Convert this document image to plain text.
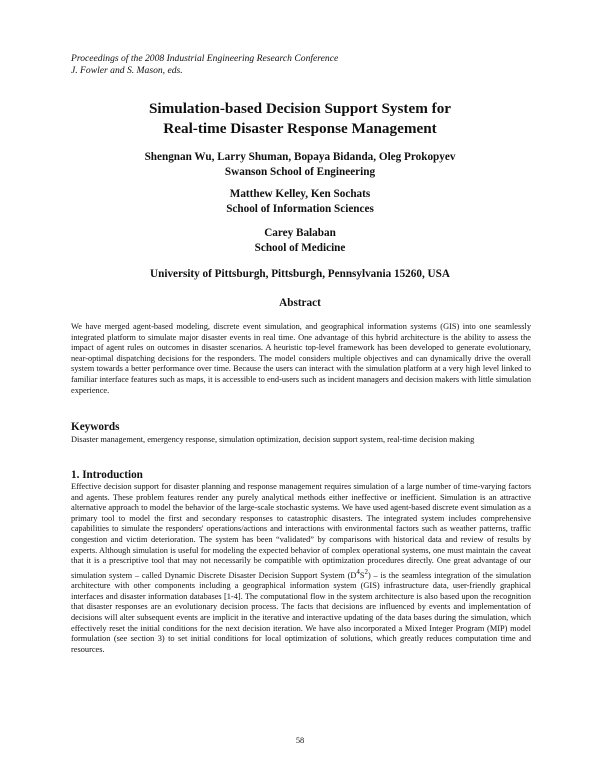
Proceedings of the 2008 Industrial Engineering Research Conference
J. Fowler and S. Mason, eds.
Simulation-based Decision Support System for
Real-time Disaster Response Management
Shengnan Wu, Larry Shuman, Bopaya Bidanda, Oleg Prokopyev
Swanson School of Engineering
Matthew Kelley, Ken Sochats
School of Information Sciences
Carey Balaban
School of Medicine
University of Pittsburgh, Pittsburgh, Pennsylvania 15260, USA
Abstract
We have merged agent-based modeling, discrete event simulation, and geographical information systems (GIS) into one seamlessly integrated platform to simulate major disaster events in real time. One advantage of this hybrid architecture is the ability to assess the impact of agent rules on outcomes in disaster scenarios. A heuristic top-level framework has been developed to generate evolutionary, near-optimal dispatching decisions for the responders. The model considers multiple objectives and can dynamically drive the overall system towards a better performance over time. Because the users can interact with the simulation platform at a very high level linked to familiar interface features such as maps, it is accessible to end-users such as incident managers and decision makers with little simulation experience.
Keywords
Disaster management, emergency response, simulation optimization, decision support system, real-time decision making
1. Introduction
Effective decision support for disaster planning and response management requires simulation of a large number of time-varying factors and agents. These problem features render any purely analytical methods either ineffective or inefficient. Simulation is an attractive alternative approach to model the behavior of the large-scale stochastic systems. We have used agent-based discrete event simulation as a primary tool to model the first and secondary responses to catastrophic disasters. The integrated system includes comprehensive capabilities to simulate the responders' operations/actions and interactions with environmental factors such as weather patterns, traffic congestion and victim deterioration. The system has been “validated” by comparisons with historical data and review of results by experts. Although simulation is useful for modeling the expected behavior of complex operational systems, one must maintain the caveat that it is a prescriptive tool that may not necessarily be compatible with optimization procedures directly. One great advantage of our simulation system – called Dynamic Discrete Disaster Decision Support System $(D^4S^2)$ – is the seamless integration of the simulation architecture with other components including a geographical information system (GIS) infrastructure data, user-friendly graphical interfaces and disaster information databases [1-4]. The computational flow in the system architecture is also based upon the recognition that disaster responses are an evolutionary decision process. The facts that decisions are influenced by events and implementation of decisions will alter subsequent events are implicit in the iterative and interactive updating of the data bases during the simulation, which effectively reset the initial conditions for the next decision iteration. We have also incorporated a Mixed Integer Program (MIP) model formulation (see section 3) to set initial conditions for local optimization of solutions, which greatly reduces computation time and resources.
58
